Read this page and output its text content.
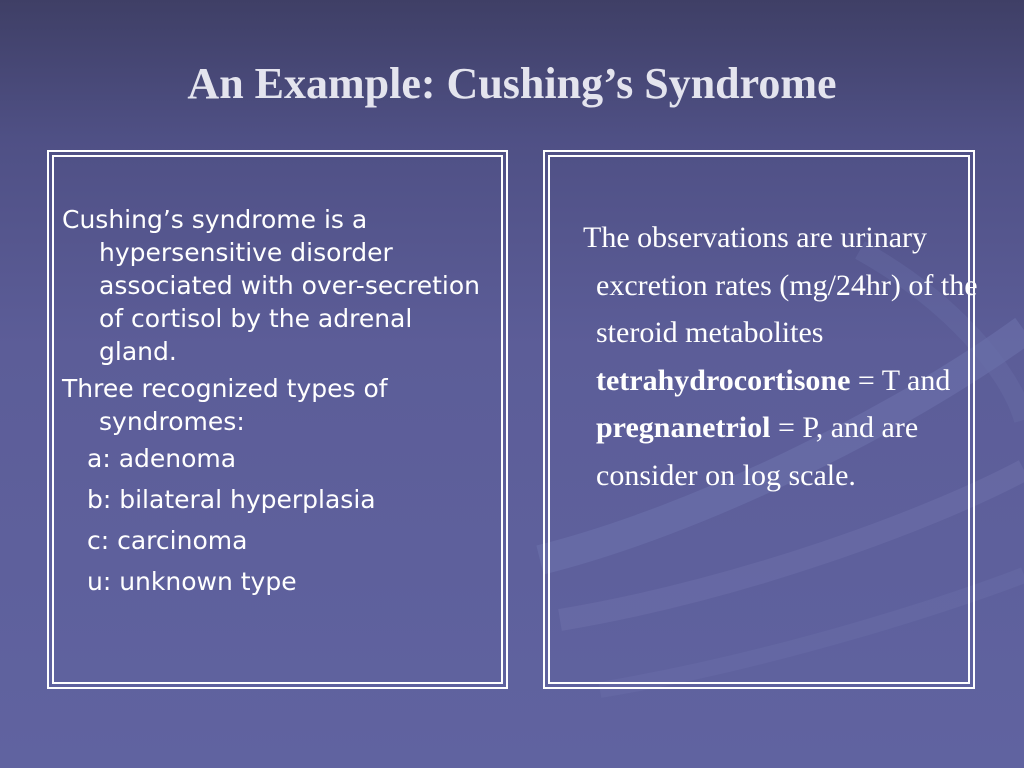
An Example: Cushing’s Syndrome

Cushing’s syndrome is a hypersensitive disorder associated with over-secretion of cortisol by the adrenal gland.

Three recognized types of syndromes:

a: adenoma

b: bilateral hyperplasia

c: carcinoma

u: unknown type

The observations are urinary excretion rates (mg/24hr) of the steroid metabolites tetrahydrocortisone = T and pregnanetriol = P, and are consider on log scale.
